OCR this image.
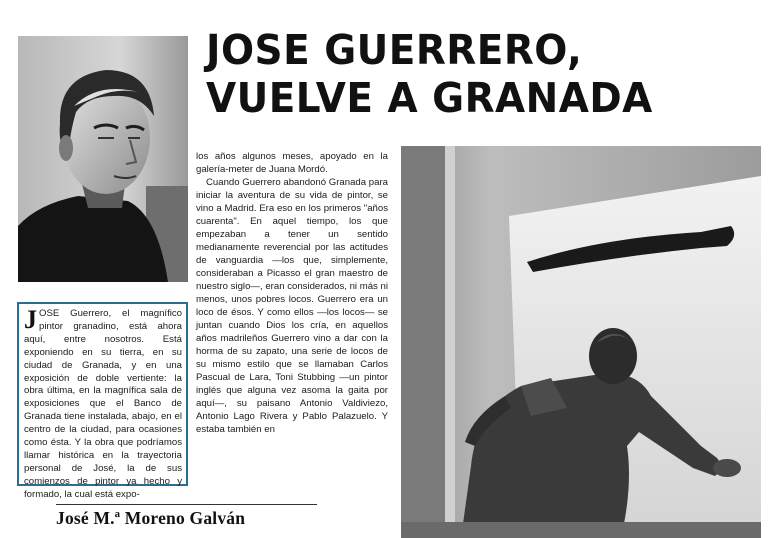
JOSE GUERRERO,
VUELVE A GRANADA

JOSE Guerrero, el magnífico pintor granadino, está ahora aquí, entre nosotros. Está exponiendo en su tierra, en su ciudad de Granada, y en una exposición de doble vertiente: la obra última, en la magnífica sala de exposiciones que el Banco de Granada tiene instalada, abajo, en el centro de la ciudad, para ocasiones como ésta. Y la obra que podríamos llamar histórica en la trayectoria personal de José, la de sus comienzos de pintor ya hecho y formado, la cual está expo-

José M.ª Moreno Galván

los años algunos meses, apoyado en la galería-meter de Juana Mordó.

Cuando Guerrero abandonó Granada para iniciar la aventura de su vida de pintor, se vino a Madrid. Era eso en los primeros "años cuarenta". En aquel tiempo, los que empezaban a tener un sentido medianamente reverencial por las actitudes de vanguardia —los que, simplemente, consideraban a Picasso el gran maestro de nuestro siglo—, eran considerados, ni más ni menos, unos pobres locos. Guerrero era un loco de ésos. Y como ellos —los locos— se juntan cuando Dios los cría, en aquellos años madrileños Guerrero vino a dar con la horma de su zapato, una serie de locos de su mismo estilo que se llamaban Carlos Pascual de Lara, Toni Stubbing —un pintor inglés que alguna vez asoma la gaita por aquí—, su paisano Antonio Valdiviezo, Antonio Lago Rivera y Pablo Palazuelo. Y estaba también en
